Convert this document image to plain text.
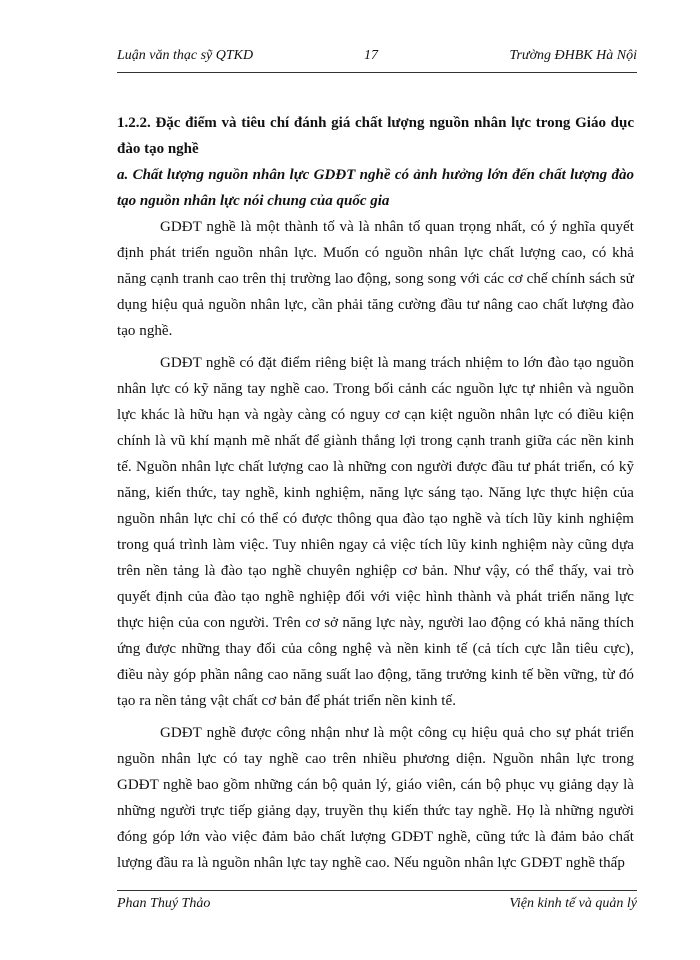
Luận văn thạc sỹ QTKD	17	Trường ĐHBK Hà Nội

1.2.2. Đặc điểm và tiêu chí đánh giá chất lượng nguồn nhân lực trong Giáo dục đào tạo nghề

a. Chất lượng nguồn nhân lực GDĐT nghề có ảnh hưởng lớn đến chất lượng đào tạo nguồn nhân lực nói chung của quốc gia

GDĐT nghề là một thành tố và là nhân tố quan trọng nhất, có ý nghĩa quyết định phát triển nguồn nhân lực. Muốn có nguồn nhân lực chất lượng cao, có khả năng cạnh tranh cao trên thị trường lao động, song song với các cơ chế chính sách sử dụng hiệu quả nguồn nhân lực, cần phải tăng cường đầu tư nâng cao chất lượng đào tạo nghề.

GDĐT nghề có đặt điểm riêng biệt là mang trách nhiệm to lớn đào tạo nguồn nhân lực có kỹ năng tay nghề cao. Trong bối cảnh các nguồn lực tự nhiên và nguồn lực khác là hữu hạn và ngày càng có nguy cơ cạn kiệt nguồn nhân lực có điều kiện chính là vũ khí mạnh mẽ nhất để giành thắng lợi trong cạnh tranh giữa các nền kinh tế. Nguồn nhân lực chất lượng cao là những con người được đầu tư phát triển, có kỹ năng, kiến thức, tay nghề, kinh nghiệm, năng lực sáng tạo. Năng lực thực hiện của nguồn nhân lực chỉ có thể có được thông qua đào tạo nghề và tích lũy kinh nghiệm trong quá trình làm việc. Tuy nhiên ngay cả việc tích lũy kinh nghiệm này cũng dựa trên nền tảng là đào tạo nghề chuyên nghiệp cơ bản. Như vậy, có thể thấy, vai trò quyết định của đào tạo nghề nghiệp đối với việc hình thành và phát triển năng lực thực hiện của con người. Trên cơ sở năng lực này, người lao động có khả năng thích ứng được những thay đổi của công nghệ và nền kinh tế (cả tích cực lẫn tiêu cực), điều này góp phần nâng cao năng suất lao động, tăng trưởng kinh tế bền vững, từ đó tạo ra nền tảng vật chất cơ bản để phát triển nền kinh tế.

GDĐT nghề được công nhận như là một công cụ hiệu quả cho sự phát triển nguồn nhân lực có tay nghề cao trên nhiều phương diện. Nguồn nhân lực trong GDĐT nghề bao gồm những cán bộ quản lý, giáo viên, cán bộ phục vụ giảng dạy là những người trực tiếp giảng dạy, truyền thụ kiến thức tay nghề. Họ là những người đóng góp lớn vào việc đảm bảo chất lượng GDĐT nghề, cũng tức là đảm bảo chất lượng đầu ra là nguồn nhân lực tay nghề cao. Nếu nguồn nhân lực GDĐT nghề thấp

Phan Thuý Thảo	Viện kinh tế và quản lý
